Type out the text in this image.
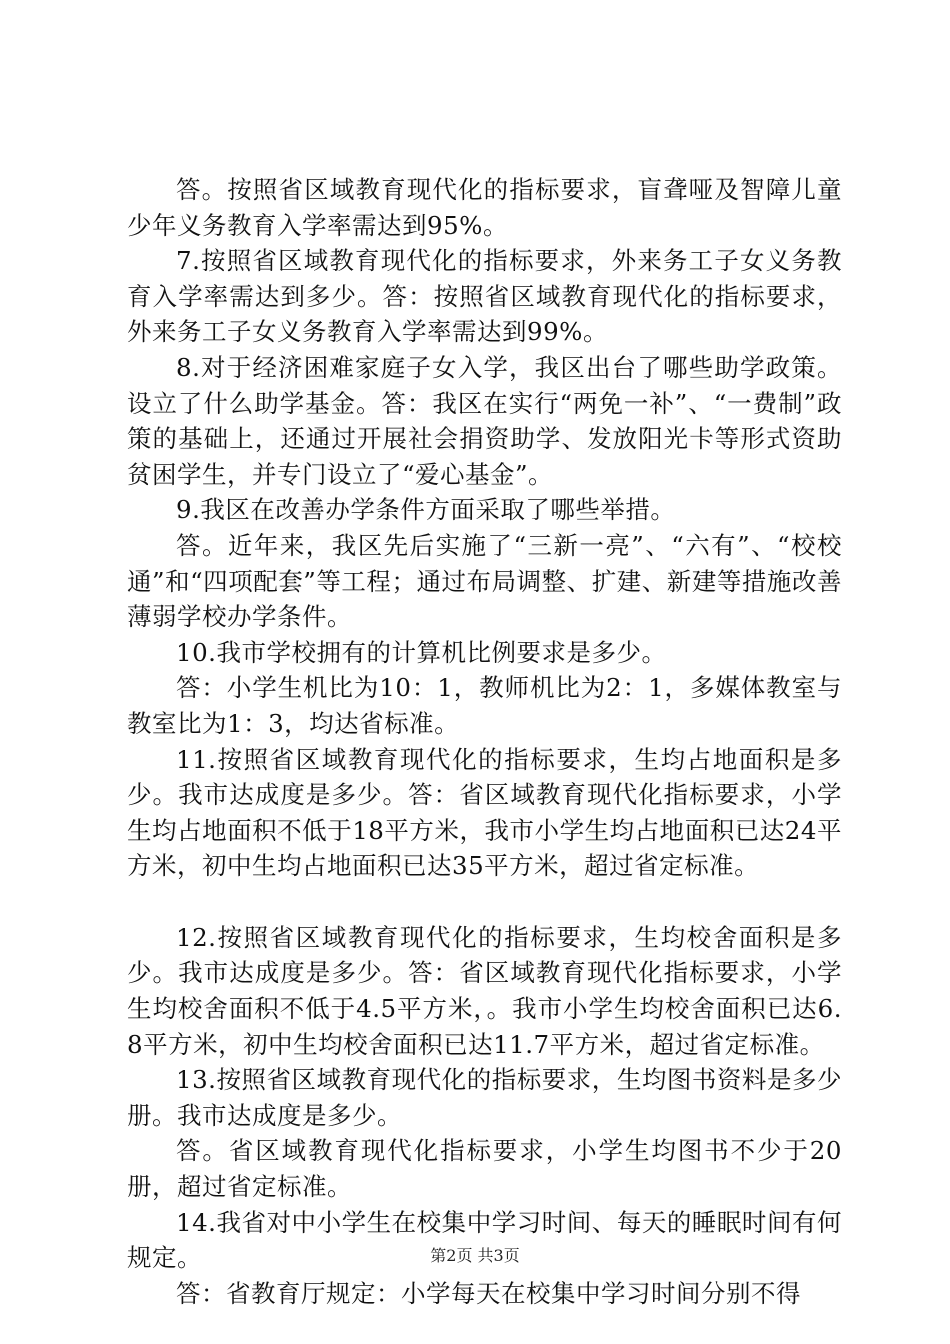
答。按照省区域教育现代化的指标要求，盲聋哑及智障儿童少年义务教育入学率需达到95%。

7.按照省区域教育现代化的指标要求，外来务工子女义务教育入学率需达到多少。答：按照省区域教育现代化的指标要求，外来务工子女义务教育入学率需达到99%。

8.对于经济困难家庭子女入学，我区出台了哪些助学政策。设立了什么助学基金。答：我区在实行“两免一补”、“一费制”政策的基础上，还通过开展社会捐资助学、发放阳光卡等形式资助贫困学生，并专门设立了“爱心基金”。

9.我区在改善办学条件方面采取了哪些举措。

答。近年来，我区先后实施了“三新一亮”、“六有”、“校校通”和“四项配套”等工程；通过布局调整、扩建、新建等措施改善薄弱学校办学条件。

10.我市学校拥有的计算机比例要求是多少。

答：小学生机比为10：1，教师机比为2：1，多媒体教室与教室比为1：3，均达省标准。

11.按照省区域教育现代化的指标要求，生均占地面积是多少。我市达成度是多少。答：省区域教育现代化指标要求，小学生均占地面积不低于18平方米，我市小学生均占地面积已达24平方米，初中生均占地面积已达35平方米，超过省定标准。

12.按照省区域教育现代化的指标要求，生均校舍面积是多少。我市达成度是多少。答：省区域教育现代化指标要求，小学生均校舍面积不低于4.5平方米，。我市小学生均校舍面积已达6.8平方米，初中生均校舍面积已达11.7平方米，超过省定标准。

13.按照省区域教育现代化的指标要求，生均图书资料是多少册。我市达成度是多少。

答。省区域教育现代化指标要求，小学生均图书不少于20册，超过省定标准。

14.我省对中小学生在校集中学习时间、每天的睡眠时间有何规定。

答：省教育厅规定：小学每天在校集中学习时间分别不得

第2页 共3页
